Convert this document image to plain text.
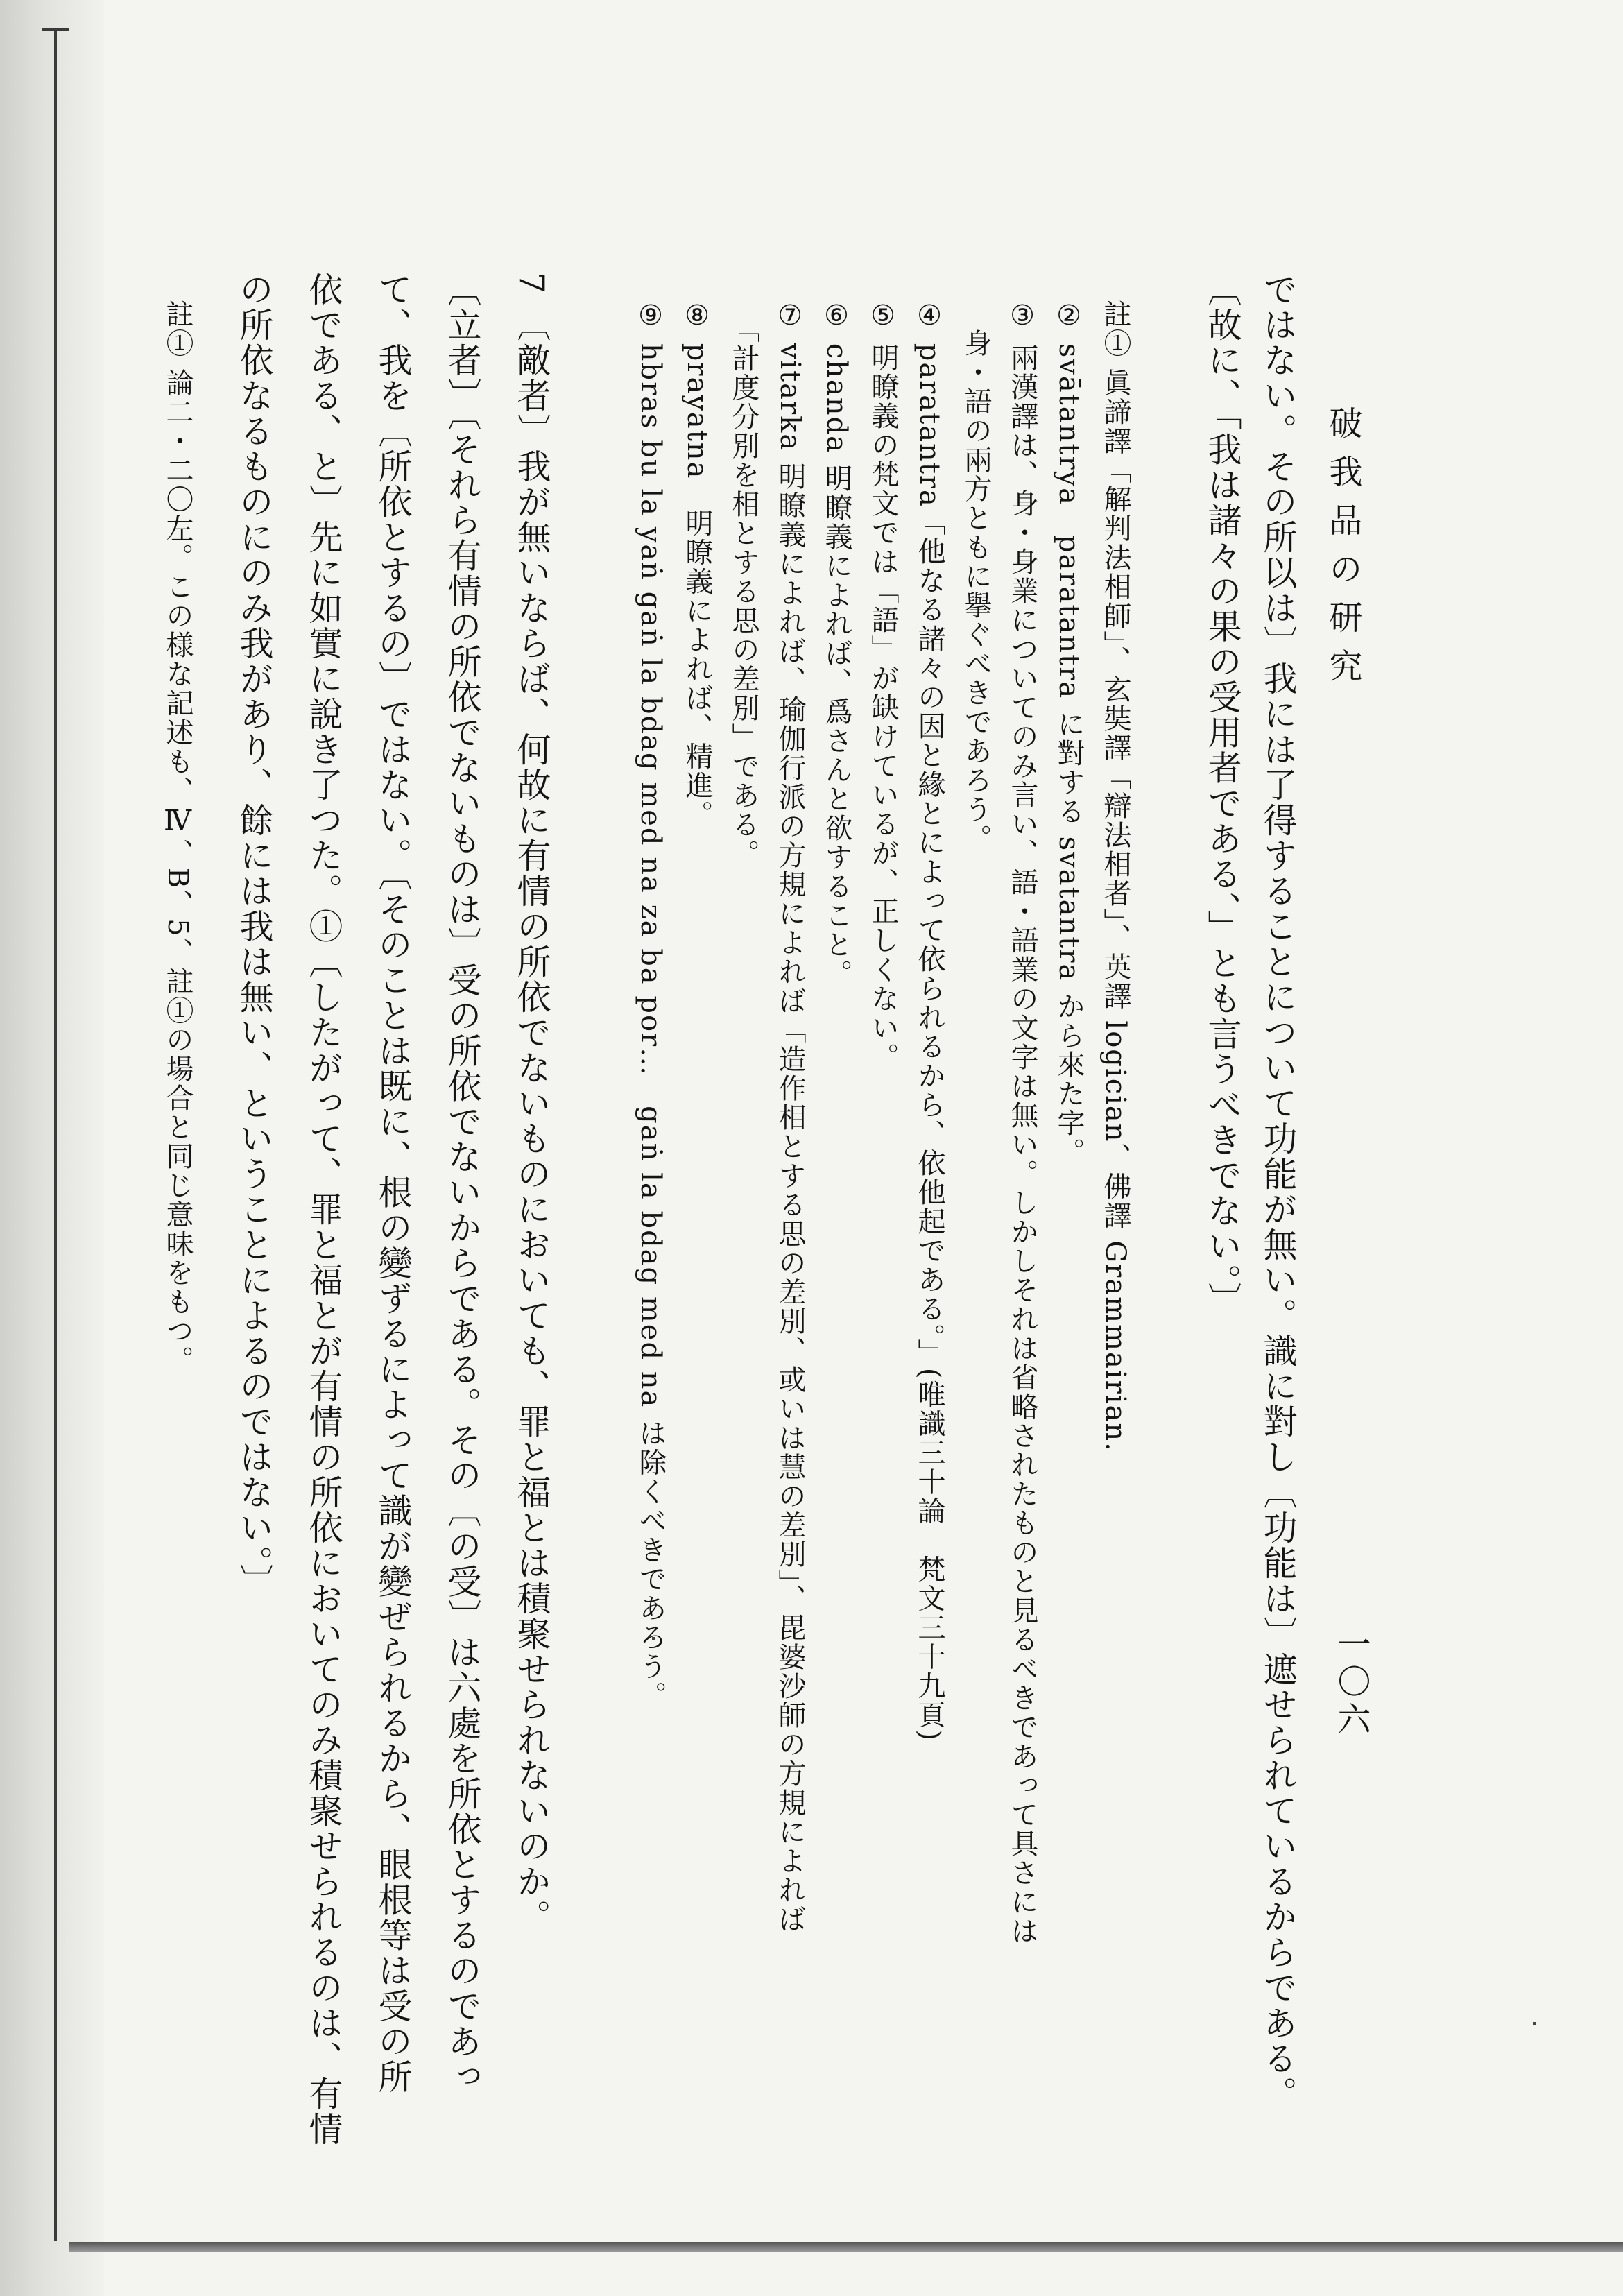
一〇六
破我品の研究
ではない。その所以は〕我には了得することについて功能が無い。識に對し〔功能は〕遮せられているからである。
〔故に、「我は諸々の果の受用者である、」とも言うべきでない。〕
註① 眞諦譯「解判法相師」、玄奘譯「辯法相者」、英譯 logician、佛譯 Grammairian.
② svātantrya　paratantra に對する svatantra から來た字。
③ 兩漢譯は、身・身業についてのみ言い、語・語業の文字は無い。しかしそれは省略されたものと見るべきであって具さには
　身・語の兩方ともに擧ぐべきであろう。
④ paratantra「他なる諸々の因と緣とによって依られるから、依他起である。」(唯識三十論　梵文三十九頁)
⑤ 明瞭義の梵文では「語」が缺けているが、正しくない。
⑥ chanda 明瞭義によれば、爲さんと欲すること。
⑦ vitarka 明瞭義によれば、瑜伽行派の方規によれば「造作相とする思の差別、或いは慧の差別」、毘婆沙師の方規によれば
　「計度分別を相とする思の差別」である。
⑧ prayatna　明瞭義によれば、精進。
⑨ hbras bu la yaṅ gaṅ la bdag med na za ba por…　gaṅ la bdag med na は除くべきであろう。
7 〔敵者〕我が無いならば、何故に有情の所依でないものにおいても、罪と福とは積聚せられないのか。
〔立者〕〔それら有情の所依でないものは〕受の所依でないからである。その〔の受〕は六處を所依とするのであっ
て、我を〔所依とするの〕ではない。〔そのことは既に、根の變ずるによって識が變ぜられるから、眼根等は受の所
依である、と〕先に如實に說き了つた。①〔したがって、罪と福とが有情の所依においてのみ積聚せられるのは、有情
の所依なるものにのみ我があり、餘には我は無い、ということによるのではない。〕
註① 論二・二〇左。この様な記述も、Ⅳ、B、5、註①の場合と同じ意味をもつ。
